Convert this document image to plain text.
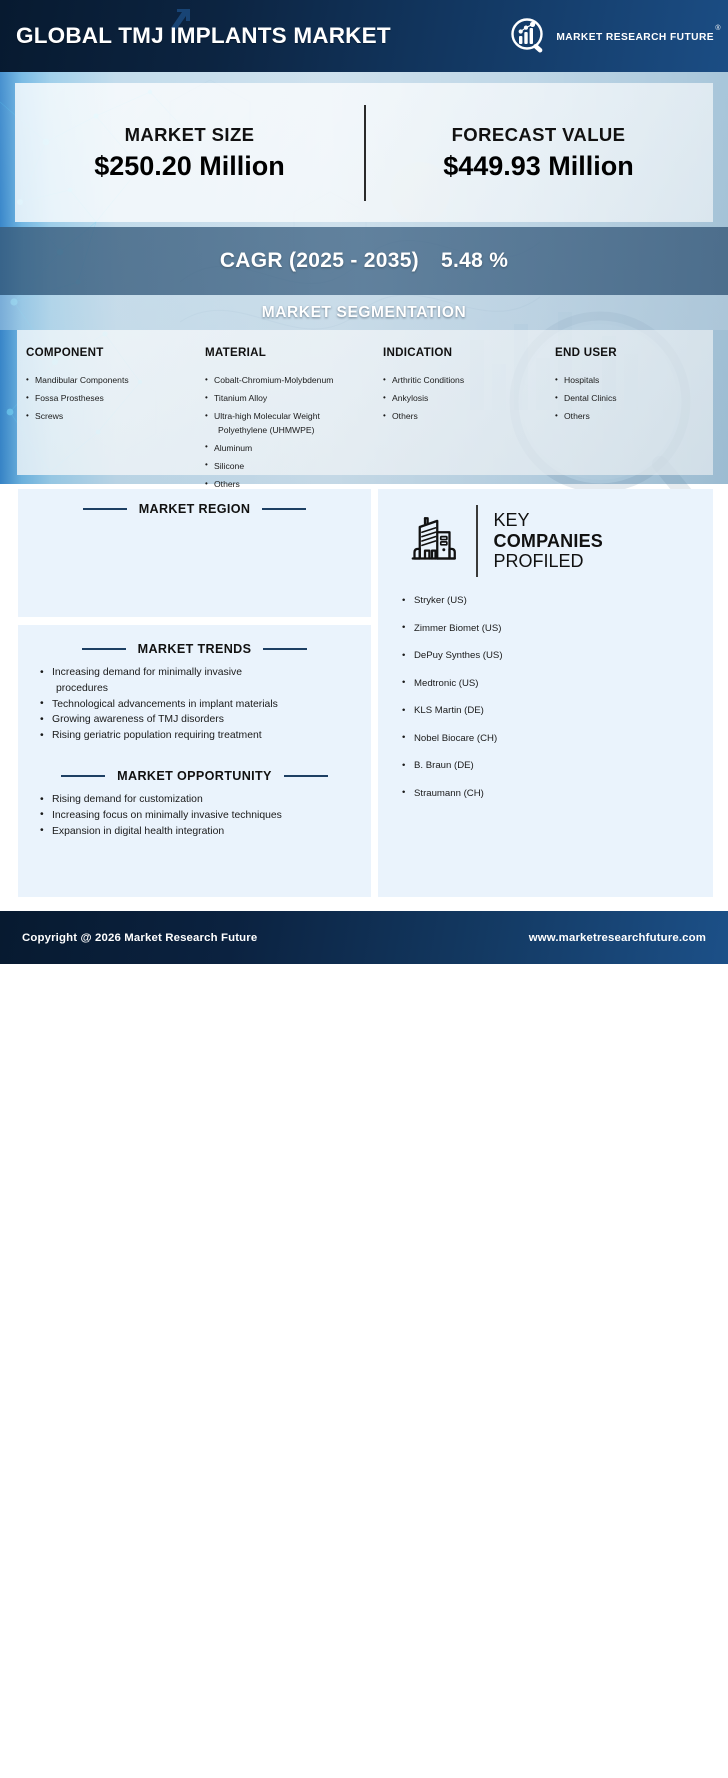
GLOBAL TMJ IMPLANTS MARKET	MARKET RESEARCH FUTURE
®
MARKET SIZE
$250.20 Million
FORECAST VALUE
$449.93 Million
CAGR (2025 - 2035) 5.48 %
MARKET SEGMENTATION
COMPONENT
• Mandibular Components
• Fossa Prostheses
• Screws
MATERIAL
• Cobalt-Chromium-Molybdenum
• Titanium Alloy
• Ultra-high Molecular Weight
Polyethylene (UHMWPE)
• Aluminum
• Silicone
• Others
INDICATION
• Arthritic Conditions
• Ankylosis
• Others
END USER
• Hospitals
• Dental Clinics
• Others
MARKET REGION
MARKET TRENDS
• Increasing demand for minimally invasive
procedures
• Technological advancements in implant materials
• Growing awareness of TMJ disorders
• Rising geriatric population requiring treatment
MARKET OPPORTUNITY
• Rising demand for customization
• Increasing focus on minimally invasive techniques
• Expansion in digital health integration
KEY
COMPANIES
PROFILED
• Stryker (US)
• Zimmer Biomet (US)
• DePuy Synthes (US)
• Medtronic (US)
• KLS Martin (DE)
• Nobel Biocare (CH)
• B. Braun (DE)
• Straumann (CH)
Copyright @ 2025 Market Research Future	www.marketresearchfuture.com
Copyright @ 2026 Market Research Future	www.marketresearchfuture.com
